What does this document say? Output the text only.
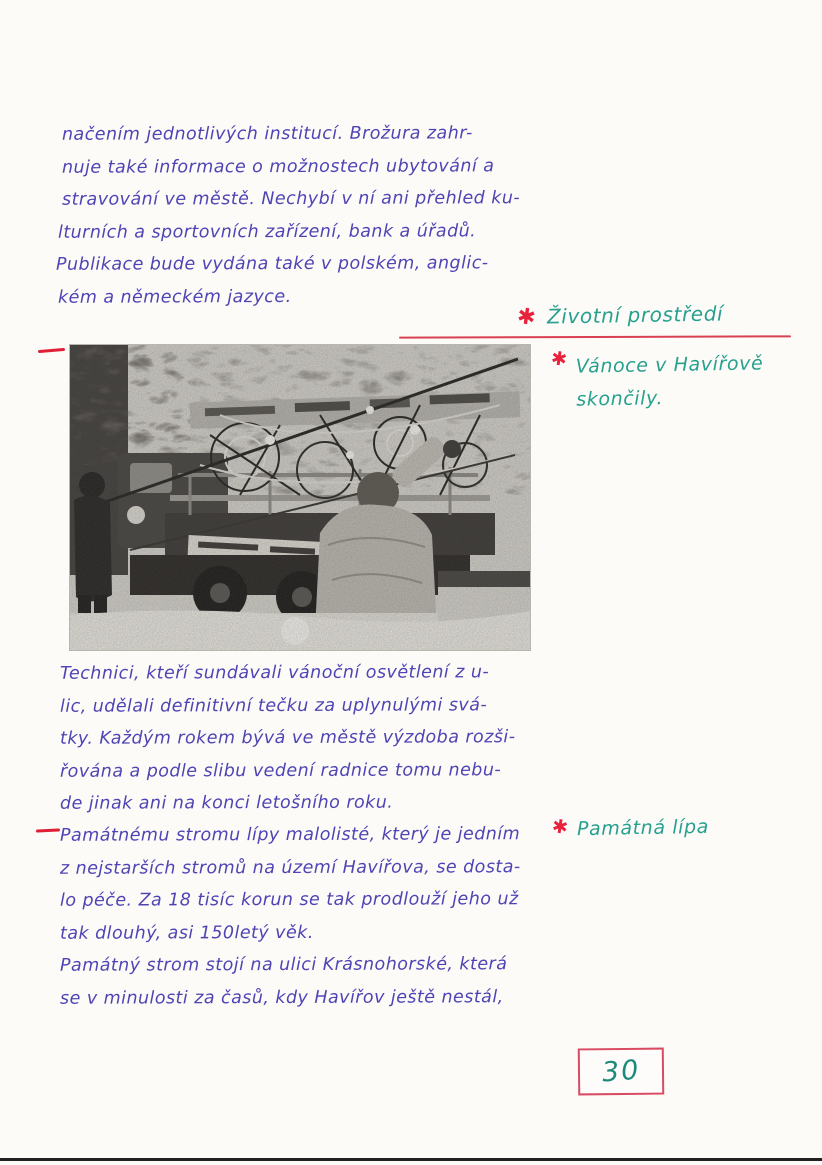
načením jednotlivých institucí. Brožura zahr-
nuje také informace o možnostech ubytování a
stravování ve městě. Nechybí v ní ani přehled ku-
lturních a sportovních zařízení, bank a úřadů.
Publikace bude vydána také v polském, anglic-
kém a německém jazyce.
✱ Životní prostředí
✱ Vánoce v Havířově
skončily.
✱ Památná lípa
Technici, kteří sundávali vánoční osvětlení z u-
lic, udělali definitivní tečku za uplynulými svá-
tky. Každým rokem bývá ve městě výzdoba rozši-
řována a podle slibu vedení radnice tomu nebu-
de jinak ani na konci letošního roku.
Památnému stromu lípy malolisté, který je jedním
z nejstarších stromů na území Havířova, se dosta-
lo péče. Za 18 tisíc korun se tak prodlouží jeho už
tak dlouhý, asi 150letý věk.
Památný strom stojí na ulici Krásnohorské, která
se v minulosti za časů, kdy Havířov ještě nestál,
30
